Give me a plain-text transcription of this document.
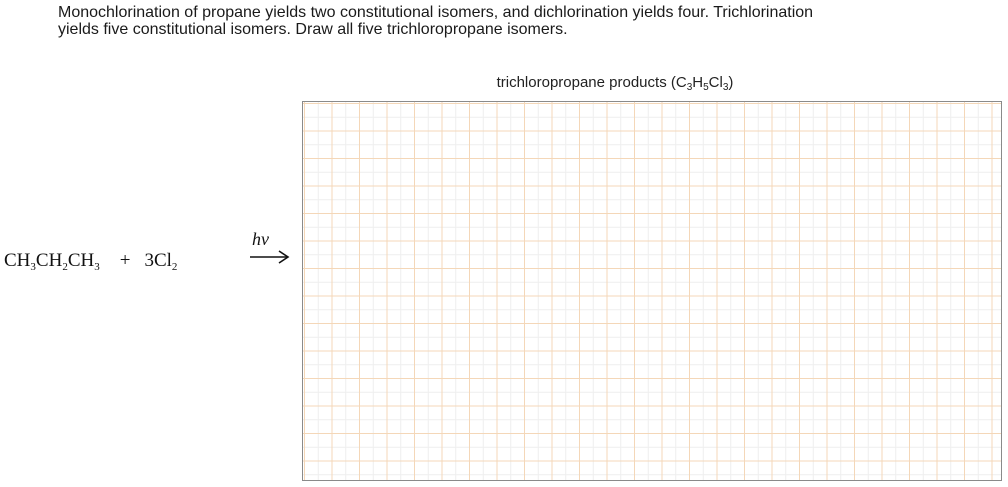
Monochlorination of propane yields two constitutional isomers, and dichlorination yields four. Trichlorination
yields five constitutional isomers. Draw all five trichloropropane isomers.
trichloropropane products $(C_3H_5Cl_3)$
$CH_3CH_2CH_3 + 3Cl_2$
hν
